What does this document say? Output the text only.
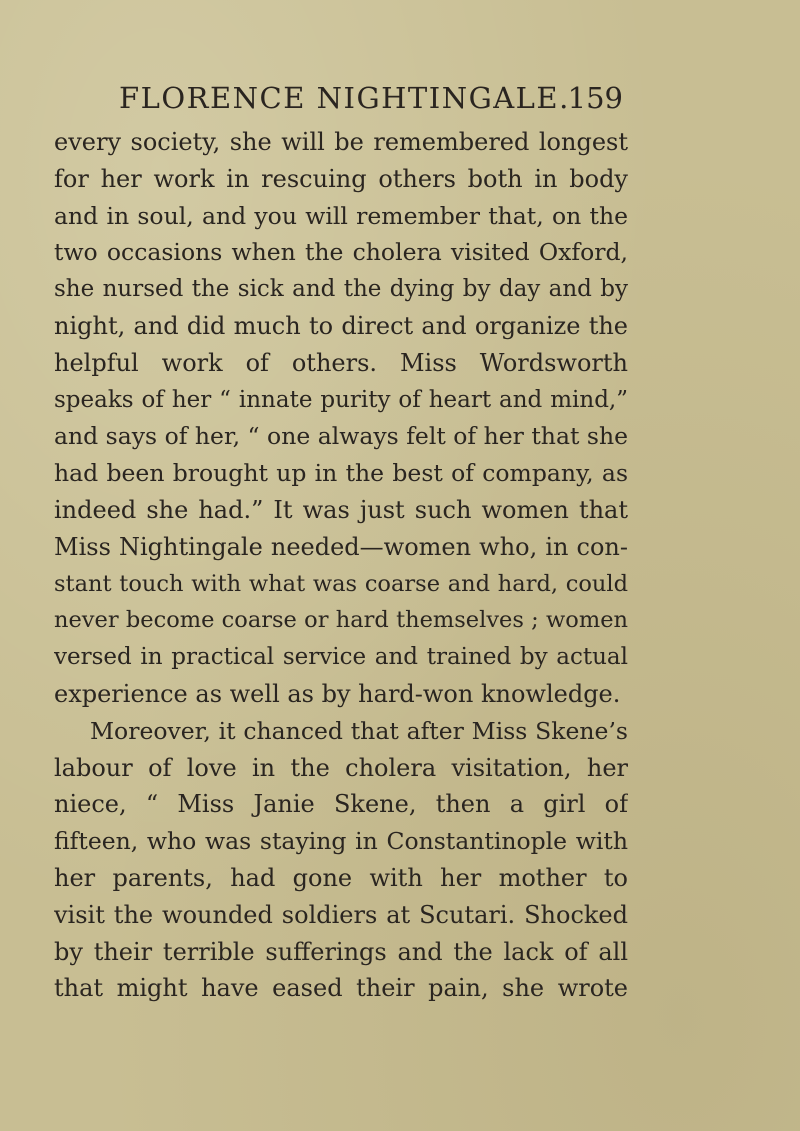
FLORENCE NIGHTINGALE.
159
every society, she will be remembered longest
for her work in rescuing others both in body
and in soul, and you will remember that, on the
two occasions when the cholera visited Oxford,
she nursed the sick and the dying by day and by
night, and did much to direct and organize the
helpful work of others. Miss Wordsworth
speaks of her “ innate purity of heart and mind,”
and says of her, “ one always felt of her that she
had been brought up in the best of company, as
indeed she had.” It was just such women that
Miss Nightingale needed—women who, in con-
stant touch with what was coarse and hard, could
never become coarse or hard themselves ; women
versed in practical service and trained by actual
experience as well as by hard-won knowledge.
Moreover, it chanced that after Miss Skene’s
labour of love in the cholera visitation, her
niece, “ Miss Janie Skene, then a girl of
fifteen, who was staying in Constantinople with
her parents, had gone with her mother to
visit the wounded soldiers at Scutari. Shocked
by their terrible sufferings and the lack of all
that might have eased their pain, she wrote
